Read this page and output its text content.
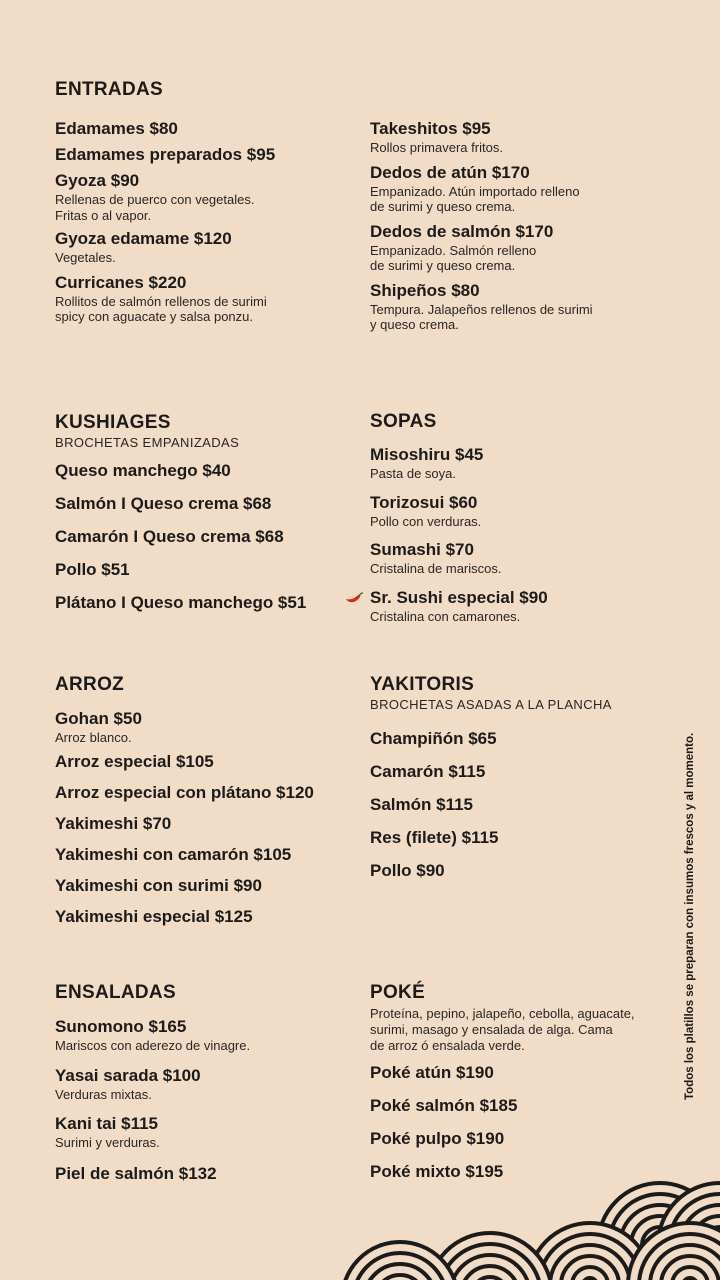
ENTRADAS
Edamames $80
Edamames preparados $95
Gyoza $90
Rellenas de puerco con vegetales.
Fritas o al vapor.
Gyoza edamame $120
Vegetales.
Curricanes $220
Rollitos de salmón rellenos de surimi
spicy con aguacate y salsa ponzu.
Takeshitos $95
Rollos primavera fritos.
Dedos de atún $170
Empanizado. Atún importado relleno
de surimi y queso crema.
Dedos de salmón $170
Empanizado. Salmón relleno
de surimi y queso crema.
Shipeños $80
Tempura. Jalapeños rellenos de surimi
y queso crema.
KUSHIAGES
BROCHETAS EMPANIZADAS
Queso manchego $40
Salmón I Queso crema $68
Camarón I Queso crema $68
Pollo $51
Plátano I Queso manchego $51
SOPAS
Misoshiru $45
Pasta de soya.
Torizosui $60
Pollo con verduras.
Sumashi $70
Cristalina de mariscos.
Sr. Sushi especial $90
Cristalina con camarones.
ARROZ
Gohan $50
Arroz blanco.
Arroz especial $105
Arroz especial con plátano $120
Yakimeshi $70
Yakimeshi con camarón $105
Yakimeshi con surimi $90
Yakimeshi especial $125
YAKITORIS
BROCHETAS ASADAS A LA PLANCHA
Champiñón $65
Camarón $115
Salmón $115
Res (filete) $115
Pollo $90
ENSALADAS
Sunomono $165
Mariscos con aderezo de vinagre.
Yasai sarada $100
Verduras mixtas.
Kani tai $115
Surimi y verduras.
Piel de salmón $132
POKÉ
Proteína, pepino, jalapeño, cebolla, aguacate,
surimi, masago y ensalada de alga. Cama
de arroz ó ensalada verde.
Poké atún $190
Poké salmón $185
Poké pulpo $190
Poké mixto $195
Todos los platillos se preparan con insumos frescos y al momento.
